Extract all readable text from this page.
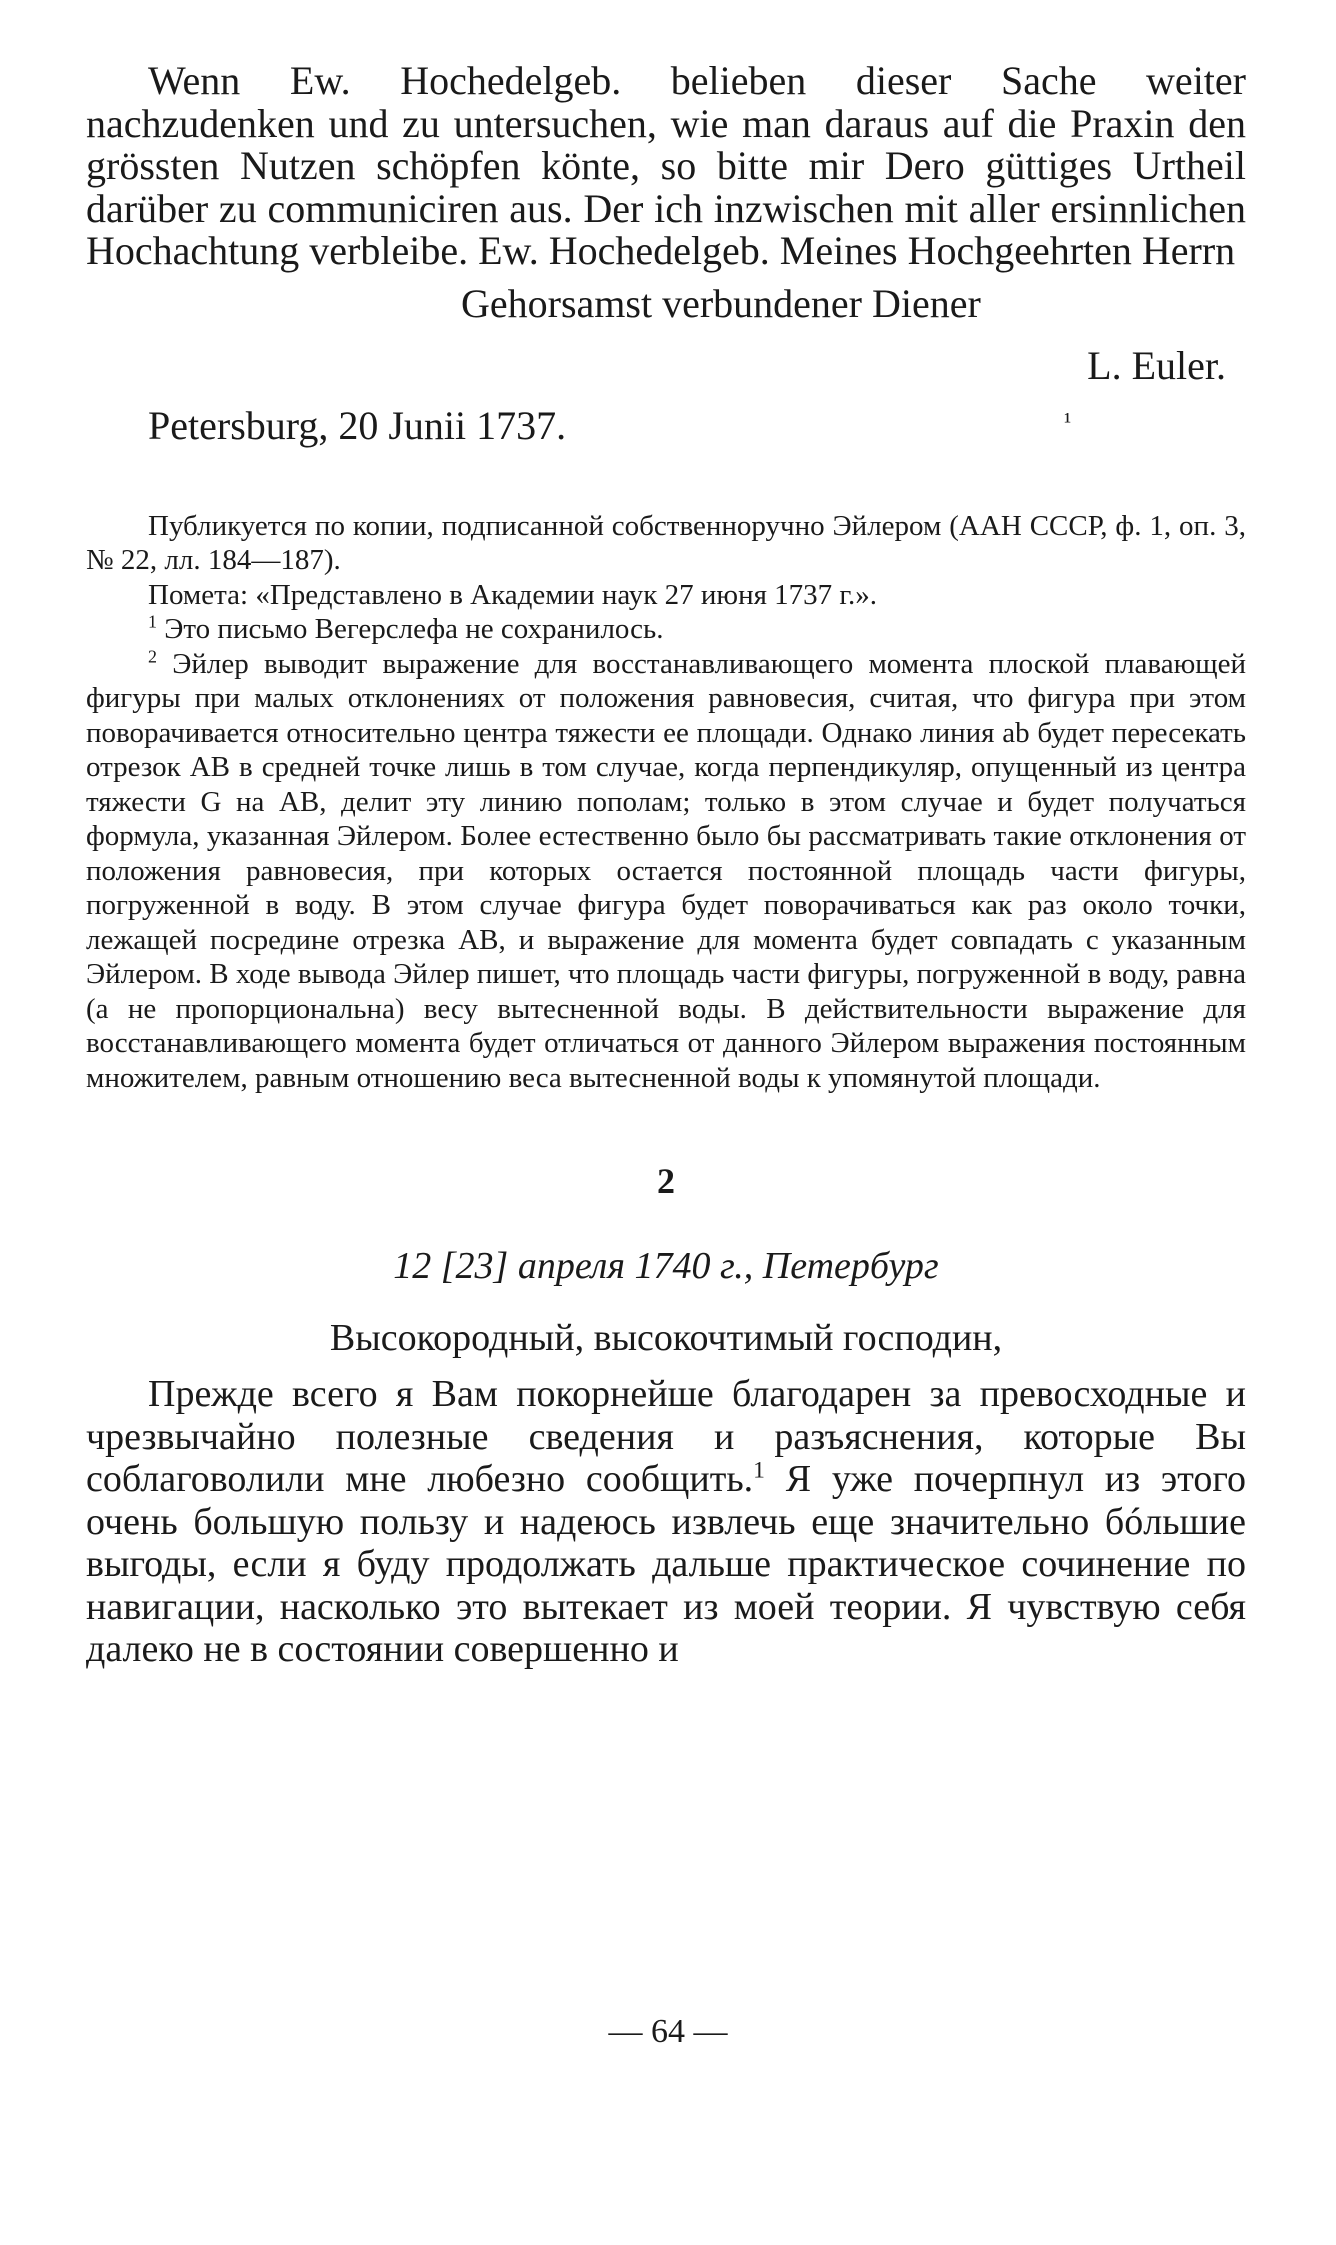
Wenn Ew. Hochedelgeb. belieben dieser Sache weiter nachzudenken und zu untersuchen, wie man daraus auf die Praxin den grössten Nutzen schöpfen könte, so bitte mir Dero güttiges Urtheil darüber zu communiciren aus. Der ich inzwischen mit aller ersinnlichen Hochachtung verbleibe. Ew. Hochedelgeb. Meines Hochgeehrten Herrn

Gehorsamst verbundener Diener
L. Euler.
Petersburg, 20 Junii 1737.	¹

Публикуется по копии, подписанной собственноручно Эйлером (ААН СССР, ф. 1, оп. 3, № 22, лл. 184—187).

Помета: «Представлено в Академии наук 27 июня 1737 г.».

$^1$ Это письмо Вегерслефа не сохранилось.

$^2$ Эйлер выводит выражение для восстанавливающего момента плоской плавающей фигуры при малых отклонениях от положения равновесия, считая, что фигура при этом поворачивается относительно центра тяжести ее площади. Однако линия ab будет пересекать отрезок AB в средней точке лишь в том случае, когда перпендикуляр, опущенный из центра тяжести G на AB, делит эту линию пополам; только в этом случае и будет получаться формула, указанная Эйлером. Более естественно было бы рассматривать такие отклонения от положения равновесия, при которых остается постоянной площадь части фигуры, погруженной в воду. В этом случае фигура будет поворачиваться как раз около точки, лежащей посредине отрезка AB, и выражение для момента будет совпадать с указанным Эйлером. В ходе вывода Эйлер пишет, что площадь части фигуры, погруженной в воду, равна (а не пропорциональна) весу вытесненной воды. В действительности выражение для восстанавливающего момента будет отличаться от данного Эйлером выражения постоянным множителем, равным отношению веса вытесненной воды к упомянутой площади.

2
12 [23] апреля 1740 г., Петербург
Высокородный, высокочтимый господин,

Прежде всего я Вам покорнейше благодарен за превосходные и чрезвычайно полезные сведения и разъяснения, которые Вы соблаговолили мне любезно сообщить.$^1$ Я уже почерпнул из этого очень большую пользу и надеюсь извлечь еще значительно бóльшие выгоды, если я буду продолжать дальше практическое сочинение по навигации, насколько это вытекает из моей теории. Я чувствую себя далеко не в состоянии совершенно и

— 64 —
